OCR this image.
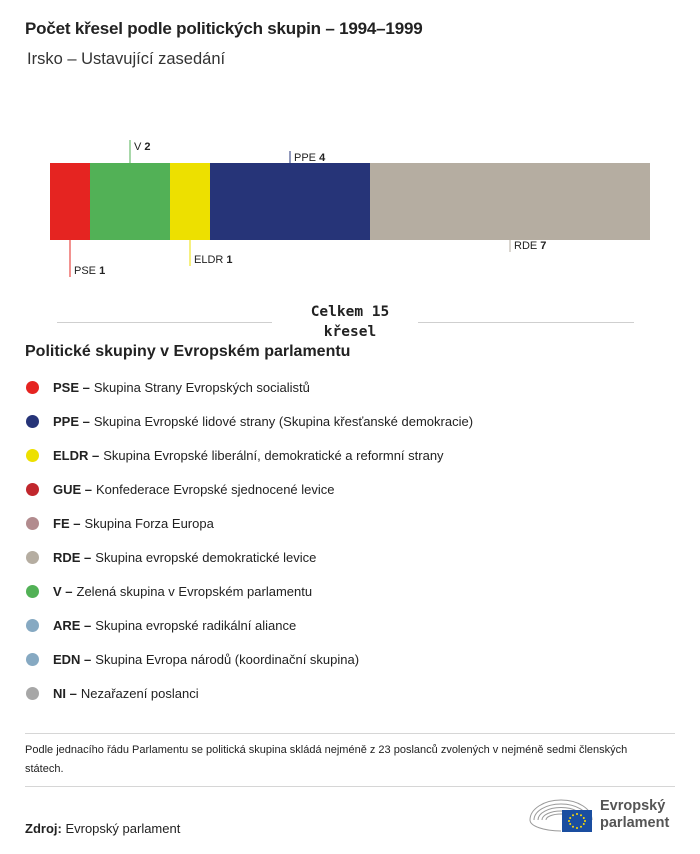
Počet křesel podle politických skupin – 1994–1999
Irsko – Ustavující zasedání
PSE 1
V 2
ELDR 1
PPE 4
RDE 7
Celkem 15
křesel
Politické skupiny v Evropském parlamentu
PSE – Skupina Strany Evropských socialistů
PPE – Skupina Evropské lidové strany (Skupina křesťanské demokracie)
ELDR – Skupina Evropské liberální, demokratické a reformní strany
GUE – Konfederace Evropské sjednocené levice
FE – Skupina Forza Europa
RDE – Skupina evropské demokratické levice
V – Zelená skupina v Evropském parlamentu
ARE – Skupina evropské radikální aliance
EDN – Skupina Evropa národů (koordinační skupina)
NI – Nezařazení poslanci
Podle jednacího řádu Parlamentu se politická skupina skládá nejméně z 23 poslanců zvolených v nejméně sedmi členských státech.
Zdroj: Evropský parlament
Evropský
parlament
